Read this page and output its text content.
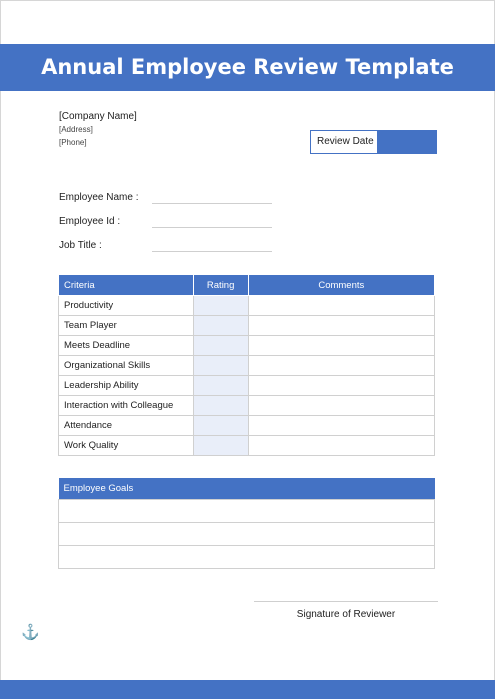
Annual Employee Review Template
[Company Name]
[Address]
[Phone]	Review Date
Employee Name :
Employee Id :
Job Title :
Criteria	Rating	Comments
Productivity		
Team Player		
Meets Deadline		
Organizational Skills		
Leadership Ability		
Interaction with Colleague		
Attendance		
Work Quality		
Employee Goals

Signature of Reviewer
⚓
